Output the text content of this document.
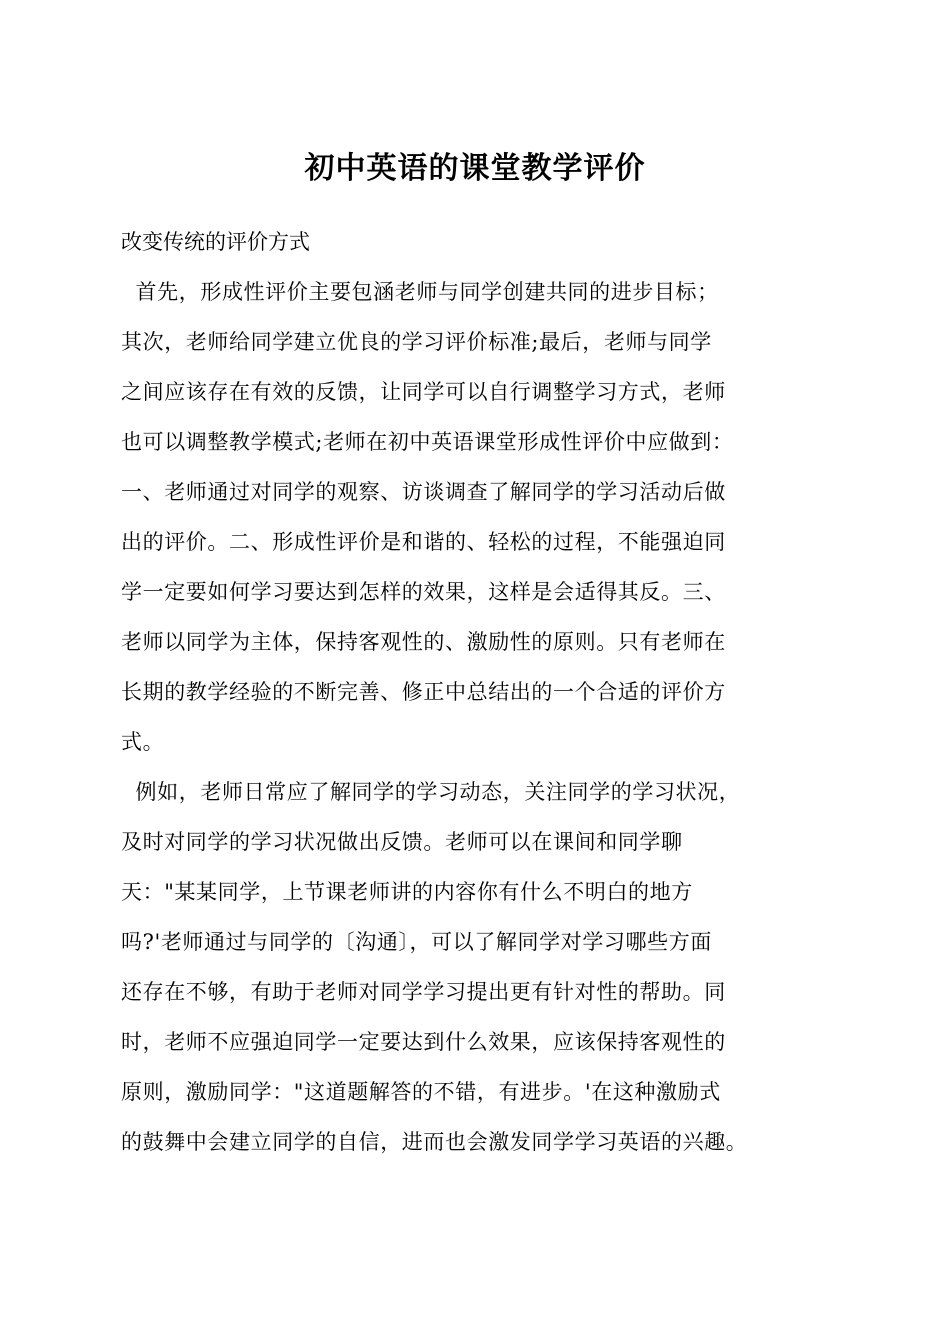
初中英语的课堂教学评价
改变传统的评价方式
首先，形成性评价主要包涵老师与同学创建共同的进步目标；
其次，老师给同学建立优良的学习评价标准;最后，老师与同学
之间应该存在有效的反馈，让同学可以自行调整学习方式，老师
也可以调整教学模式;老师在初中英语课堂形成性评价中应做到：
一、老师通过对同学的观察、访谈调查了解同学的学习活动后做
出的评价。二、形成性评价是和谐的、轻松的过程，不能强迫同
学一定要如何学习要达到怎样的效果，这样是会适得其反。三、
老师以同学为主体，保持客观性的、激励性的原则。只有老师在
长期的教学经验的不断完善、修正中总结出的一个合适的评价方
式。
例如，老师日常应了解同学的学习动态，关注同学的学习状况，
及时对同学的学习状况做出反馈。老师可以在课间和同学聊
天："某某同学，上节课老师讲的内容你有什么不明白的地方
吗?'老师通过与同学的〔沟通〕，可以了解同学对学习哪些方面
还存在不够，有助于老师对同学学习提出更有针对性的帮助。同
时，老师不应强迫同学一定要达到什么效果，应该保持客观性的
原则，激励同学："这道题解答的不错，有进步。'在这种激励式
的鼓舞中会建立同学的自信，进而也会激发同学学习英语的兴趣。
